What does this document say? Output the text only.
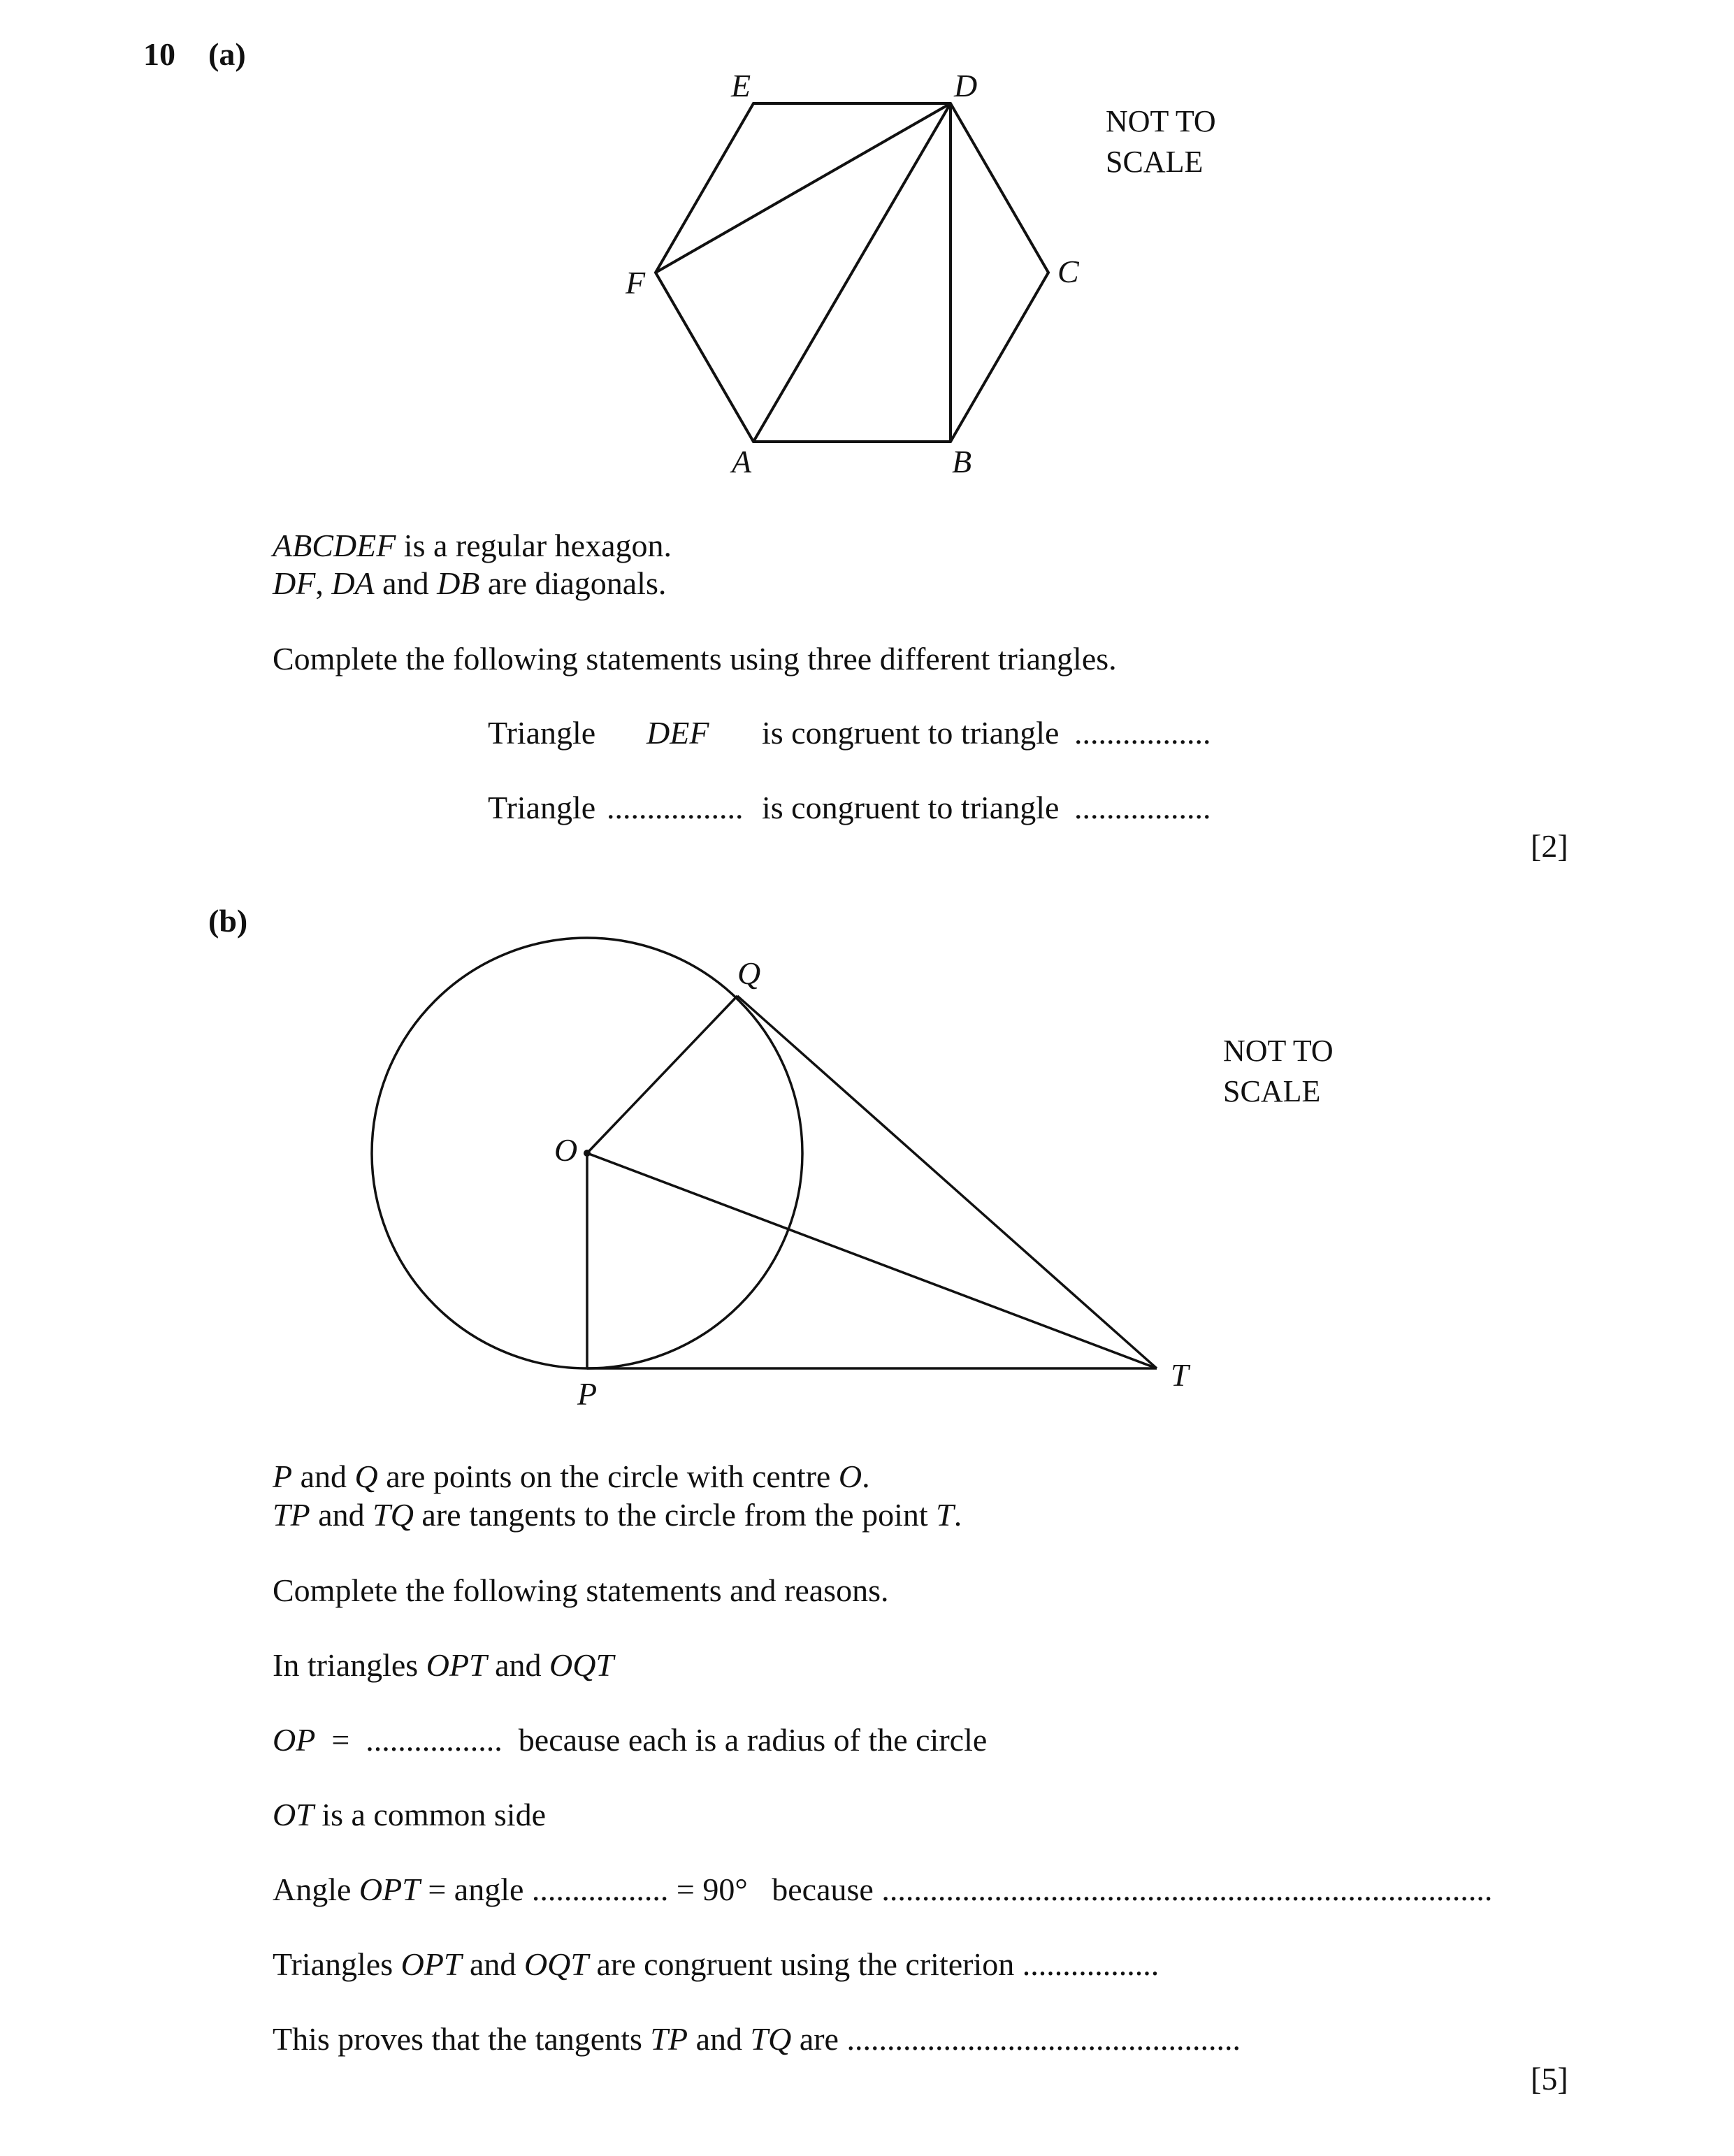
10 (a)
E	D
C
F
A	B
NOT TO
SCALE
ABCDEF is a regular hexagon.
DF, DA and DB are diagonals.
Complete the following statements using three different triangles.
Triangle DEF is congruent to triangle .................
Triangle ................. is congruent to triangle .................
[2]
(b)
Q
O
P
T
NOT TO
SCALE
P and Q are points on the circle with centre O.
TP and TQ are tangents to the circle from the point T.
Complete the following statements and reasons.
In triangles OPT and OQT
OP  =  .................  because each is a radius of the circle
OT is a common side
Angle OPT = angle ................. = 90°   because ............................................................................
Triangles OPT and OQT are congruent using the criterion .................
This proves that the tangents TP and TQ are .................................................
[5]
